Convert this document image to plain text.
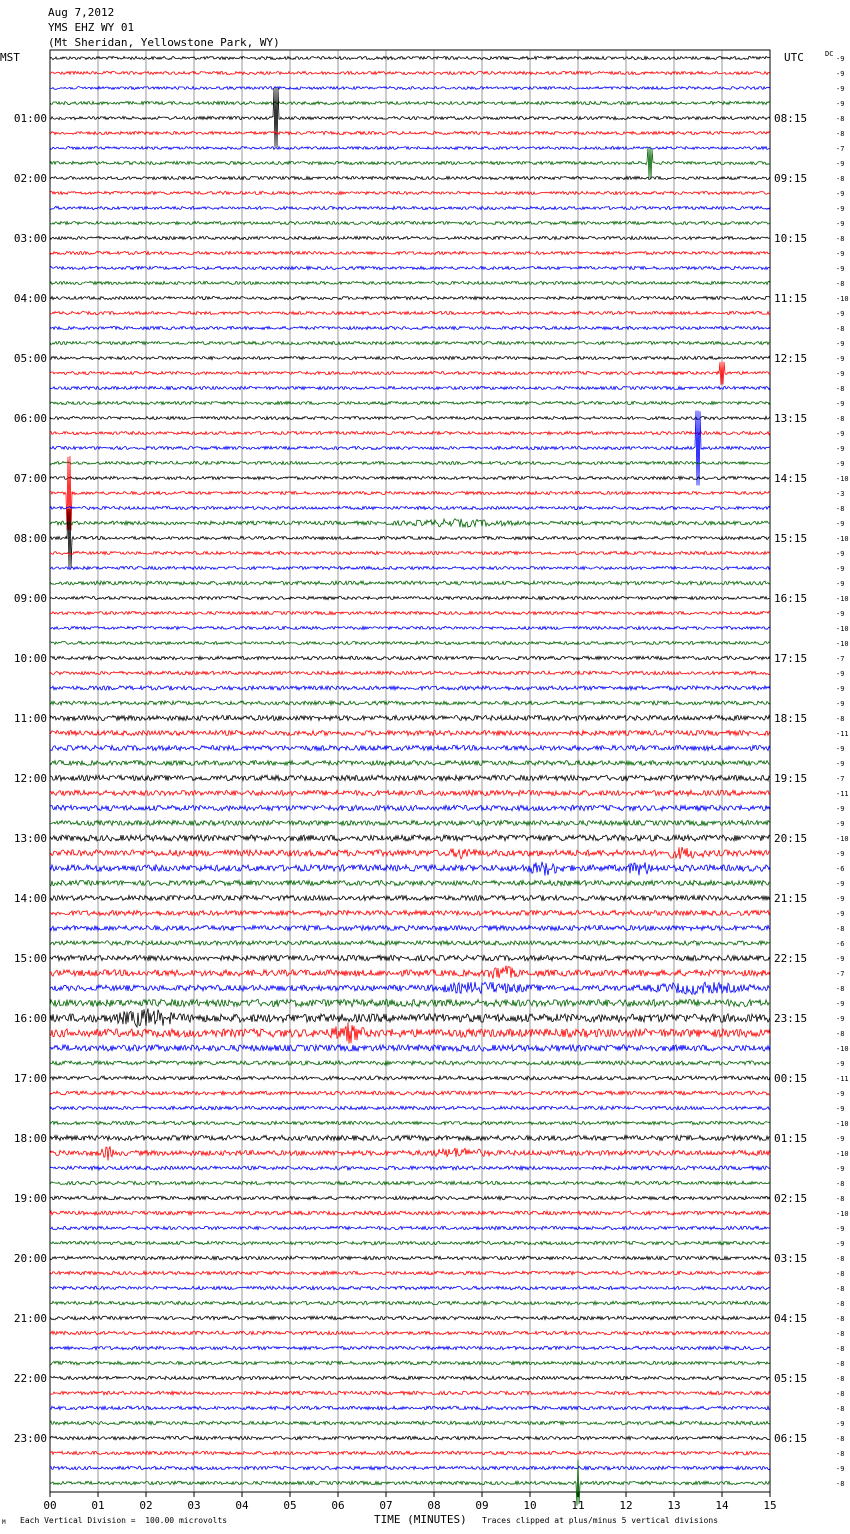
Aug 7,2012
YMS EHZ WY 01
(Mt Sheridan, Yellowstone Park, WY)
MST	UTC	DC
00	01	02	03	04	05	06	07	08	09	10	11	12	13	14	15
-9
-9
-9
-9
-8
01:00	08:15
-8
-7
-9
-8
02:00	09:15
-9
-9
-9
-8
03:00	10:15
-9
-9
-8
-10
04:00	11:15
-9
-8
-9
-9
05:00	12:15
-9
-8
-9
-8
06:00	13:15
-9
-9
-9
-10
07:00	14:15
-3
-8
-9
-10
08:00	15:15
-9
-9
-9
-10
09:00	16:15
-9
-10
-10
-7
10:00	17:15
-9
-9
-9
-8
11:00	18:15
-11
-9
-9
-7
12:00	19:15
-11
-9
-9
-10
13:00	20:15
-9
-6
-9
-9
14:00	21:15
-9
-8
-6
-9
15:00	22:15
-7
-8
-9
-9
16:00	23:15
-8
-10
-9
-11
17:00	00:15
-9
-9
-10
-9
18:00	01:15
-10
-9
-8
-8
19:00	02:15
-10
-9
-9
-8
20:00	03:15
-8
-8
-8
-8
21:00	04:15
-8
-8
-8
-8
22:00	05:15
-8
-8
-9
-8
23:00	06:15
-8
-9
-8
M Each Vertical Division =  100.00 microvolts	TIME (MINUTES) Traces clipped at plus/minus 5 vertical divisions
